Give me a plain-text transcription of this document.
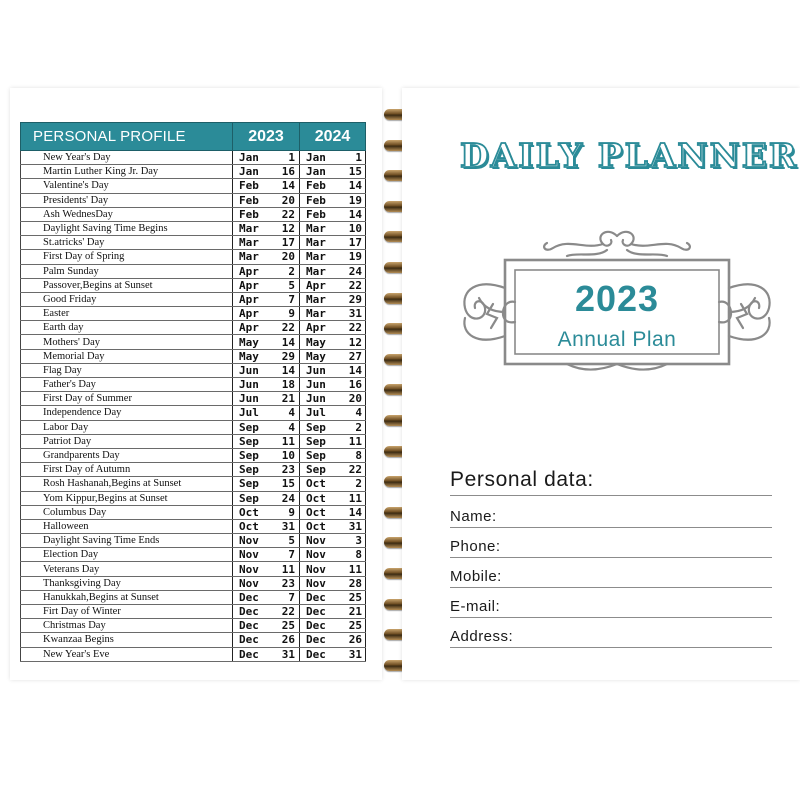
PERSONAL PROFILE	2023	2024
New Year's Day	Jan 1	Jan 1
Martin Luther King Jr. Day	Jan 16	Jan 15
Valentine's Day	Feb 14	Feb 14
Presidents' Day	Feb 20	Feb 19
Ash WednesDay	Feb 22	Feb 14
Daylight Saving Time Begins	Mar 12	Mar 10
St.atricks' Day	Mar 17	Mar 17
First Day of Spring	Mar 20	Mar 19
Palm Sunday	Apr 2	Mar 24
Passover,Begins at Sunset	Apr 5	Apr 22
Good Friday	Apr 7	Mar 29
Easter	Apr 9	Mar 31
Earth day	Apr 22	Apr 22
Mothers' Day	May 14	May 12
Memorial Day	May 29	May 27
Flag Day	Jun 14	Jun 14
Father's Day	Jun 18	Jun 16
First Day of Summer	Jun 21	Jun 20
Independence Day	Jul 4	Jul 4
Labor Day	Sep 4	Sep 2
Patriot Day	Sep 11	Sep 11
Grandparents Day	Sep 10	Sep 8
First Day of Autumn	Sep 23	Sep 22
Rosh Hashanah,Begins at Sunset	Sep 15	Oct 2
Yom Kippur,Begins at Sunset	Sep 24	Oct 11
Columbus Day	Oct 9	Oct 14
Halloween	Oct 31	Oct 31
Daylight Saving Time Ends	Nov 5	Nov 3
Election Day	Nov 7	Nov 8
Veterans Day	Nov 11	Nov 11
Thanksgiving Day	Nov 23	Nov 28
Hanukkah,Begins at Sunset	Dec 7	Dec 25
Firt Day of Winter	Dec 22	Dec 21
Christmas Day	Dec 25	Dec 25
Kwanzaa Begins	Dec 26	Dec 26
New Year's Eve	Dec 31	Dec 31
DAILY PLANNER
2023
Annual Plan
Personal data:
Name:
Phone:
Mobile:
E-mail:
Address:
